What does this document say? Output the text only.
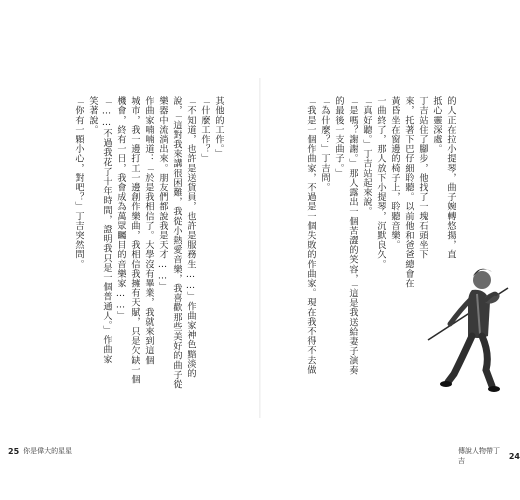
其他的工作。」
「什麼工作？」
「不知道，也許是送貨員，也許是服務生……」作曲家神色黯淡的
說，「這對我來講很困難，我從小熱愛音樂，我喜歡那些美好的曲子從
樂器中流淌出來。朋友們都說我是天才……」
作曲家喃喃道：「於是我相信了。大學沒有畢業，我就來到這個
城市，我一邊打工一邊創作樂曲，我相信我擁有天賦，只是欠缺一個
機會，終有一日，我會成為萬眾矚目的音樂家……」
「……不過我花了十年時間，證明我只是一個普通人。」作曲家
笑著說。
「你有一顆小心，對吧？」丁吉突然問。
25 你是偉大的星星
的人正在拉小提琴，曲子婉轉悠揚，直
抵心靈深處。
丁吉站住了腳步，他找了一塊石頭坐下
來，托著下巴仔細聆聽。以前他和爸爸總會在
黃昏坐在窗邊的椅子上，聆聽音樂。
一曲終了，那人放下小提琴，沉默良久。
「真好聽。」丁吉站起來說。
「是嗎？謝謝。」那人露出一個苦澀的笑容，「這是我送給妻子演奏
的最後一支曲子。」
「為什麼？」丁吉問。
「我是一個作曲家，不過是一個失敗的作曲家。現在我不得不去做
傳說人物帶丁吉
24
